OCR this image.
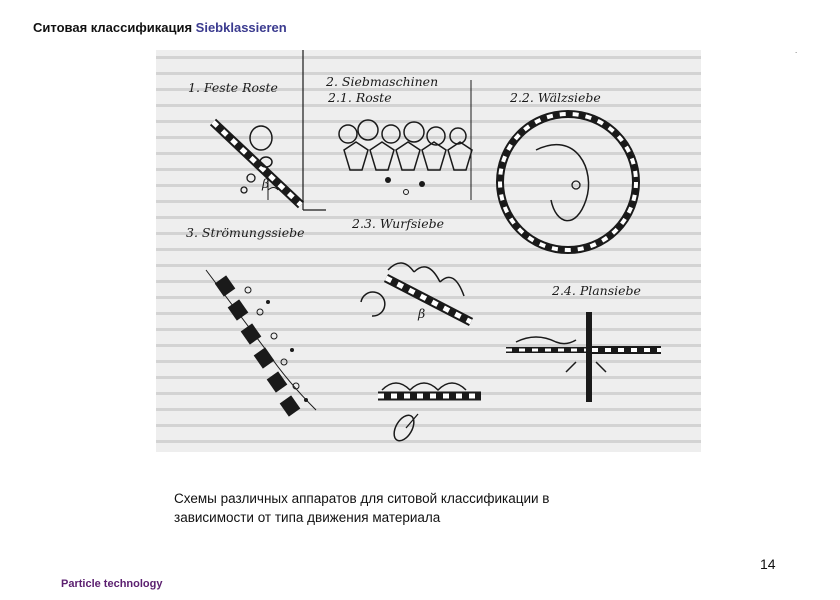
Ситовая классификация Siebklassieren
.
1. Feste Roste	2. Siebmaschinen
2.1. Roste	2.2. Wälzsiebe
3. Strömungssiebe
2.3. Wurfsiebe
2.4. Plansiebe
β
β
Схемы различных аппаратов для ситовой классификации в зависимости от типа движения материала
14
Particle technology
